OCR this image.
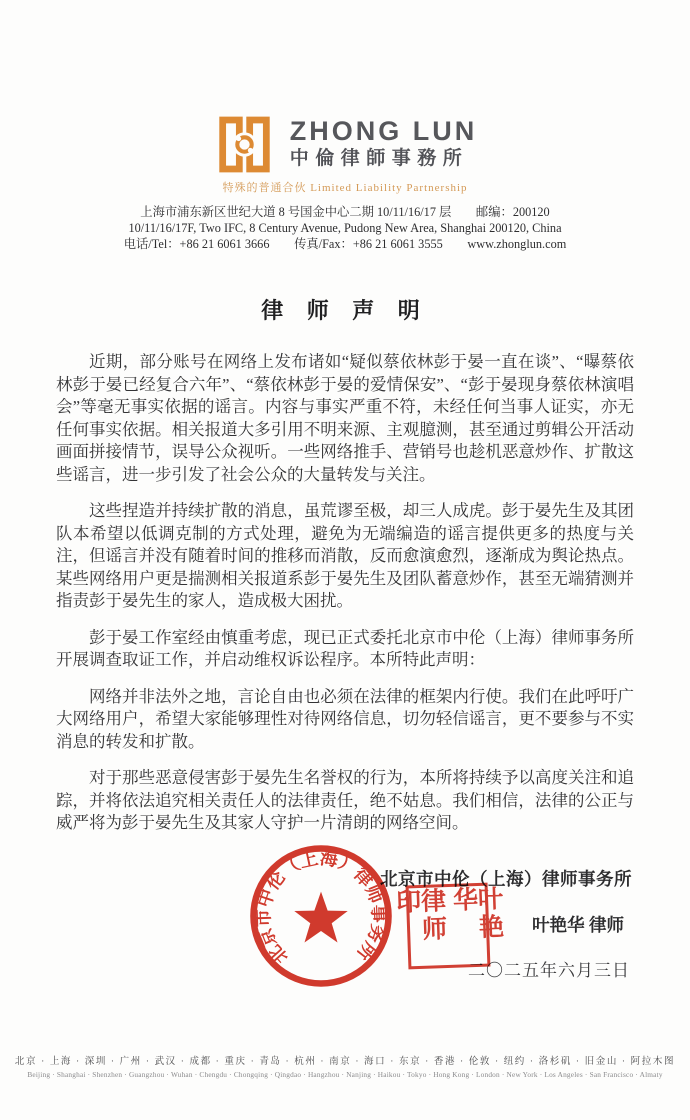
ZHONG LUN
中倫律師事務所
特殊的普通合伙 Limited Liability Partnership
上海市浦东新区世纪大道 8 号国金中心二期 10/11/16/17 层　　邮编：200120
10/11/16/17F, Two IFC, 8 Century Avenue, Pudong New Area, Shanghai 200120, China
电话/Tel：+86 21 6061 3666　　传真/Fax：+86 21 6061 3555　　www.zhonglun.com
律 师 声 明

近期，部分账号在网络上发布诸如“疑似蔡依林彭于晏一直在谈”、“曝蔡依林彭于晏已经复合六年”、“蔡依林彭于晏的爱情保安”、“彭于晏现身蔡依林演唱会”等毫无事实依据的谣言。内容与事实严重不符，未经任何当事人证实，亦无任何事实依据。相关报道大多引用不明来源、主观臆测，甚至通过剪辑公开活动画面拼接情节，误导公众视听。一些网络推手、营销号也趁机恶意炒作、扩散这些谣言，进一步引发了社会公众的大量转发与关注。

这些捏造并持续扩散的消息，虽荒谬至极，却三人成虎。彭于晏先生及其团队本希望以低调克制的方式处理，避免为无端编造的谣言提供更多的热度与关注，但谣言并没有随着时间的推移而消散，反而愈演愈烈，逐渐成为舆论热点。某些网络用户更是揣测相关报道系彭于晏先生及团队蓄意炒作，甚至无端猜测并指责彭于晏先生的家人，造成极大困扰。

彭于晏工作室经由慎重考虑，现已正式委托北京市中伦（上海）律师事务所开展调查取证工作，并启动维权诉讼程序。本所特此声明：

网络并非法外之地，言论自由也必须在法律的框架内行使。我们在此呼吁广大网络用户，希望大家能够理性对待网络信息，切勿轻信谣言，更不要参与不实消息的转发和扩散。

对于那些恶意侵害彭于晏先生名誉权的行为，本所将持续予以高度关注和追踪，并将依法追究相关责任人的法律责任，绝不姑息。我们相信，法律的公正与威严将为彭于晏先生及其家人守护一片清朗的网络空间。

北京市中伦（上海）律师事务所
叶艳华 律师
二〇二五年六月三日
北京市中伦（上海）律师事务所
律师印	叶艳华
北京 · 上海 · 深圳 · 广州 · 武汉 · 成都 · 重庆 · 青岛 · 杭州 · 南京 · 海口 · 东京 · 香港 · 伦敦 · 纽约 · 洛杉矶 · 旧金山 · 阿拉木图
Beijing · Shanghai · Shenzhen · Guangzhou · Wuhan · Chengdu · Chongqing · Qingdao · Hangzhou · Nanjing · Haikou · Tokyo · Hong Kong · London · New York · Los Angeles · San Francisco · Almaty
